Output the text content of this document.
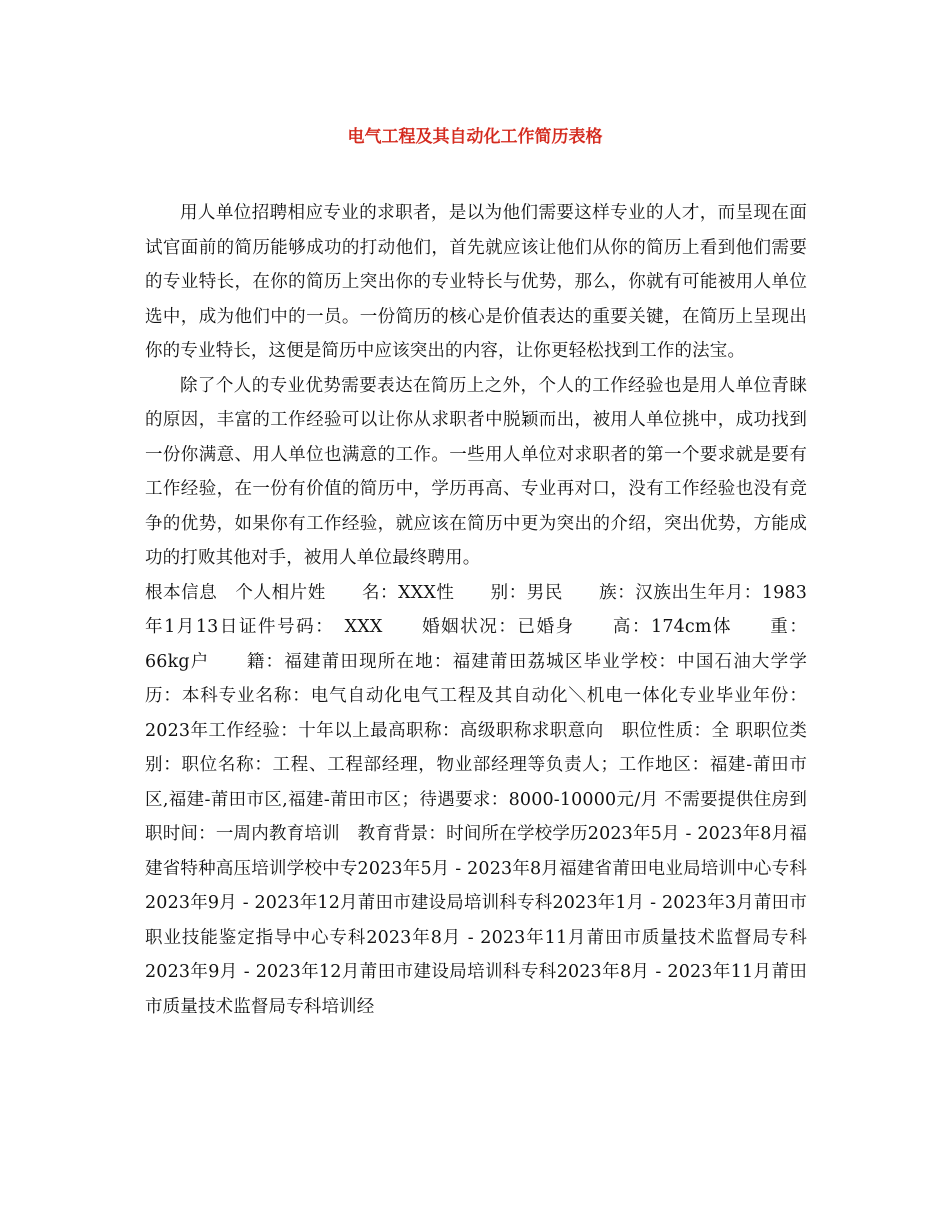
电气工程及其自动化工作简历表格

用人单位招聘相应专业的求职者，是以为他们需要这样专业的人才，而呈现在面试官面前的简历能够成功的打动他们，首先就应该让他们从你的简历上看到他们需要的专业特长，在你的简历上突出你的专业特长与优势，那么，你就有可能被用人单位选中，成为他们中的一员。一份简历的核心是价值表达的重要关键，在简历上呈现出你的专业特长，这便是简历中应该突出的内容，让你更轻松找到工作的法宝。

除了个人的专业优势需要表达在简历上之外，个人的工作经验也是用人单位青睐的原因，丰富的工作经验可以让你从求职者中脱颖而出，被用人单位挑中，成功找到一份你满意、用人单位也满意的工作。一些用人单位对求职者的第一个要求就是要有工作经验，在一份有价值的简历中，学历再高、专业再对口，没有工作经验也没有竞争的优势，如果你有工作经验，就应该在简历中更为突出的介绍，突出优势，方能成功的打败其他对手，被用人单位最终聘用。

根本信息　个人相片姓　　名：XXX性　　别：男民　　族：汉族出生年月：1983年1月13日证件号码：　XXX　　婚姻状况：已婚身　　高：174cm体　　重：66kg户　　籍：福建莆田现所在地：福建莆田荔城区毕业学校：中国石油大学学　　历：本科专业名称：电气自动化电气工程及其自动化＼机电一体化专业毕业年份：2023年工作经验：十年以上最高职称：高级职称求职意向　职位性质：全 职职位类别：职位名称：工程、工程部经理，物业部经理等负责人；工作地区：福建-莆田市区,福建-莆田市区,福建-莆田市区；待遇要求：8000-10000元/月 不需要提供住房到职时间：一周内教育培训　教育背景：时间所在学校学历2023年5月 - 2023年8月福建省特种高压培训学校中专2023年5月 - 2023年8月福建省莆田电业局培训中心专科2023年9月 - 2023年12月莆田市建设局培训科专科2023年1月 - 2023年3月莆田市职业技能鉴定指导中心专科2023年8月 - 2023年11月莆田市质量技术监督局专科2023年9月 - 2023年12月莆田市建设局培训科专科2023年8月 - 2023年11月莆田市质量技术监督局专科培训经
